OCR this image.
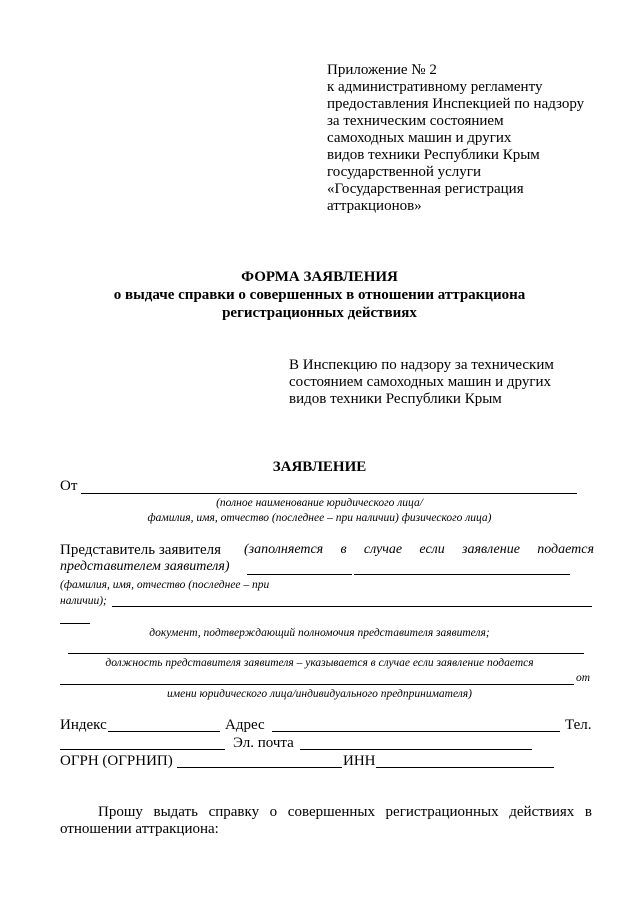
Приложение № 2
к административному регламенту
предоставления Инспекцией по надзору
за техническим состоянием
самоходных машин и других
видов техники Республики Крым
государственной услуги
«Государственная регистрация
аттракционов»
ФОРМА ЗАЯВЛЕНИЯ
о выдаче справки о совершенных в отношении аттракциона
регистрационных действиях
В Инспекцию по надзору за техническим
состоянием самоходных машин и других
видов техники Республики Крым
ЗАЯВЛЕНИЕ
От
(полное наименование юридического лица/
фамилия, имя, отчество (последнее – при наличии) физического лица)
Представитель заявителя (заполняется в случае если заявление подается
представителем заявителя)
(фамилия, имя, отчество (последнее – при
наличии);
документ, подтверждающий полномочия представителя заявителя;
должность представителя заявителя – указывается в случае если заявление подается
от
имени юридического лица/индивидуального предпринимателя)
Индекс	Адрес	Тел.
Эл. почта
ОГРН (ОГРНИП)	ИНН
Прошу выдать справку о совершенных регистрационных действиях в
отношении аттракциона:
